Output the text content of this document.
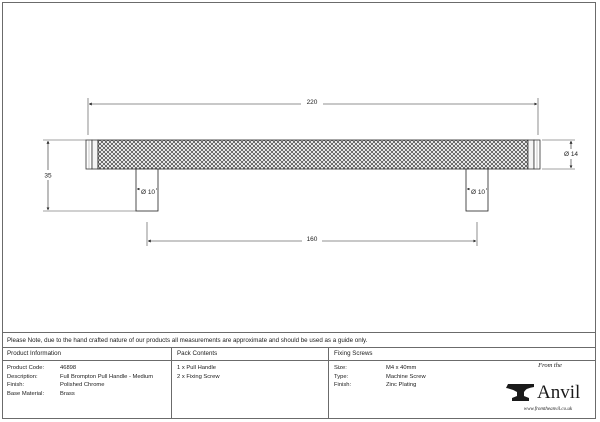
220
35
Ø 14
Ø 10	Ø 10
160
Please Note, due to the hand crafted nature of our products all measurements are approximate and should be used as a guide only.
Product Information
Product Code:	46898
Description:	Full Brompton Pull Handle - Medium
Finish:	Polished Chrome
Base Material:	Brass
Pack Contents
1 x Pull Handle
2 x Fixing Screw
Fixing Screws
Size:	M4 x 40mm
Type:	Machine Screw
Finish:	Zinc Plating
From the
Anvil
www.fromtheanvil.co.uk
